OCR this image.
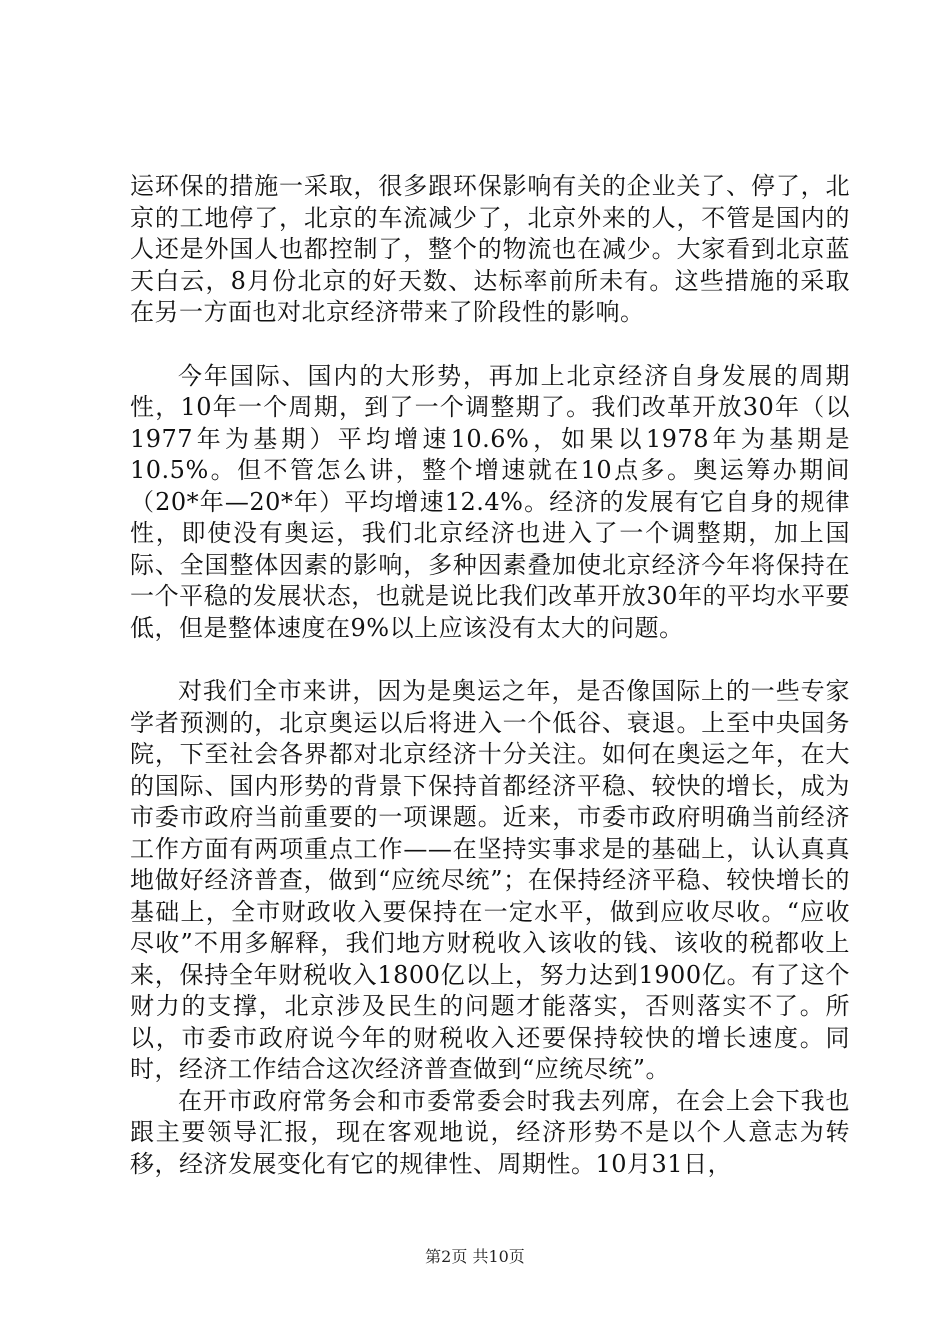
运环保的措施一采取，很多跟环保影响有关的企业关了、停了，北京的工地停了，北京的车流减少了，北京外来的人，不管是国内的人还是外国人也都控制了，整个的物流也在减少。大家看到北京蓝天白云，8月份北京的好天数、达标率前所未有。这些措施的采取在另一方面也对北京经济带来了阶段性的影响。

今年国际、国内的大形势，再加上北京经济自身发展的周期性，10年一个周期，到了一个调整期了。我们改革开放30年（以1977年为基期）平均增速10.6%，如果以1978年为基期是10.5%。但不管怎么讲，整个增速就在10点多。奥运筹办期间（20*年—20*年）平均增速12.4%。经济的发展有它自身的规律性，即使没有奥运，我们北京经济也进入了一个调整期，加上国际、全国整体因素的影响，多种因素叠加使北京经济今年将保持在一个平稳的发展状态，也就是说比我们改革开放30年的平均水平要低，但是整体速度在9%以上应该没有太大的问题。

对我们全市来讲，因为是奥运之年，是否像国际上的一些专家学者预测的，北京奥运以后将进入一个低谷、衰退。上至中央国务院，下至社会各界都对北京经济十分关注。如何在奥运之年，在大的国际、国内形势的背景下保持首都经济平稳、较快的增长，成为市委市政府当前重要的一项课题。近来，市委市政府明确当前经济工作方面有两项重点工作——在坚持实事求是的基础上，认认真真地做好经济普查，做到“应统尽统”；在保持经济平稳、较快增长的基础上，全市财政收入要保持在一定水平，做到应收尽收。“应收尽收”不用多解释，我们地方财税收入该收的钱、该收的税都收上来，保持全年财税收入1800亿以上，努力达到1900亿。有了这个财力的支撑，北京涉及民生的问题才能落实，否则落实不了。所以，市委市政府说今年的财税收入还要保持较快的增长速度。同时，经济工作结合这次经济普查做到“应统尽统”。

在开市政府常务会和市委常委会时我去列席，在会上会下我也跟主要领导汇报，现在客观地说，经济形势不是以个人意志为转移，经济发展变化有它的规律性、周期性。10月31日，

第2页 共10页
